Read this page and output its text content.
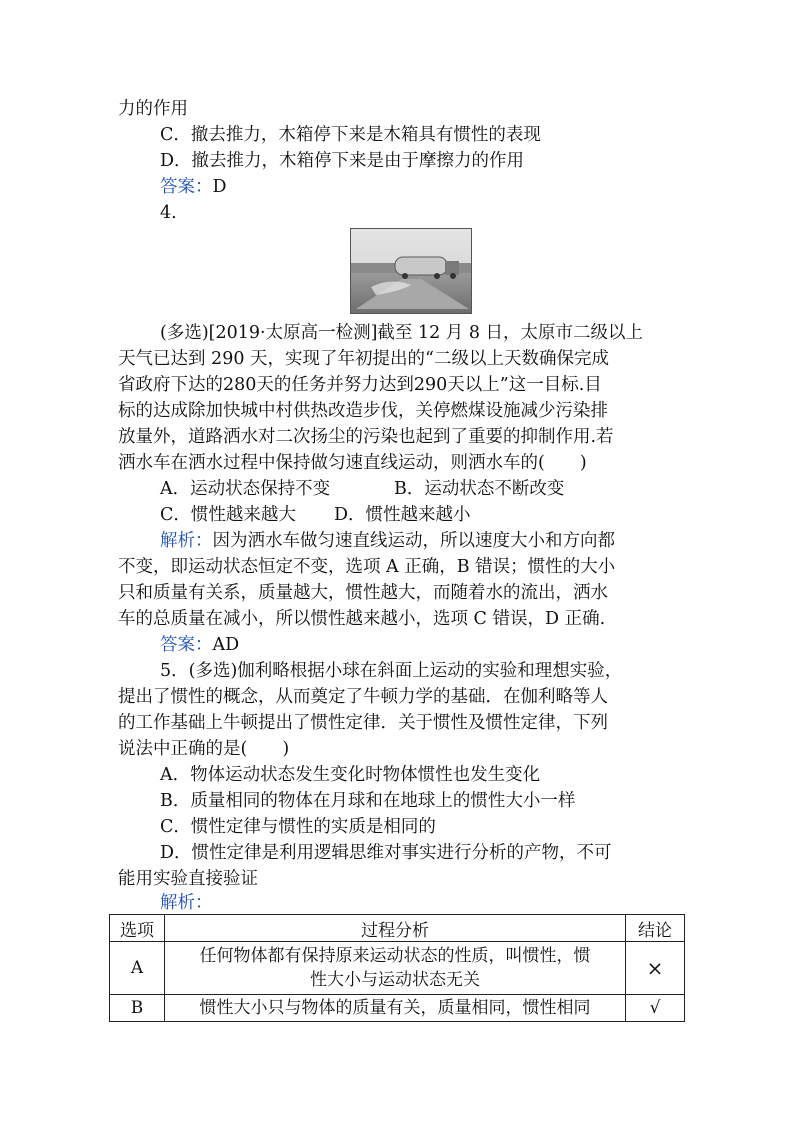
力的作用
C．撤去推力，木箱停下来是木箱具有惯性的表现
D．撤去推力，木箱停下来是由于摩擦力的作用
答案：D
4.
(多选)[2019·太原高一检测]截至 12 月 8 日，太原市二级以上
天气已达到 290 天，实现了年初提出的“二级以上天数确保完成
省政府下达的280天的任务并努力达到290天以上”这一目标.目
标的达成除加快城中村供热改造步伐，关停燃煤设施减少污染排
放量外，道路洒水对二次扬尘的污染也起到了重要的抑制作用.若
洒水车在洒水过程中保持做匀速直线运动，则洒水车的(　　)
A．运动状态保持不变	B．运动状态不断改变
C．惯性越来越大 D．惯性越来越小
解析：因为洒水车做匀速直线运动，所以速度大小和方向都
不变，即运动状态恒定不变，选项 A 正确，B 错误；惯性的大小
只和质量有关系，质量越大，惯性越大，而随着水的流出，洒水
车的总质量在减小，所以惯性越来越小，选项 C 错误，D 正确.
答案：AD
5．(多选)伽利略根据小球在斜面上运动的实验和理想实验，
提出了惯性的概念，从而奠定了牛顿力学的基础．在伽利略等人
的工作基础上牛顿提出了惯性定律．关于惯性及惯性定律，下列
说法中正确的是(　　)
A．物体运动状态发生变化时物体惯性也发生变化
B．质量相同的物体在月球和在地球上的惯性大小一样
C．惯性定律与惯性的实质是相同的
D．惯性定律是利用逻辑思维对事实进行分析的产物，不可
能用实验直接验证
解析：
选项	过程分析	结论
A	任何物体都有保持原来运动状态的性质，叫惯性，惯
性大小与运动状态无关	×
B	惯性大小只与物体的质量有关，质量相同，惯性相同	√
